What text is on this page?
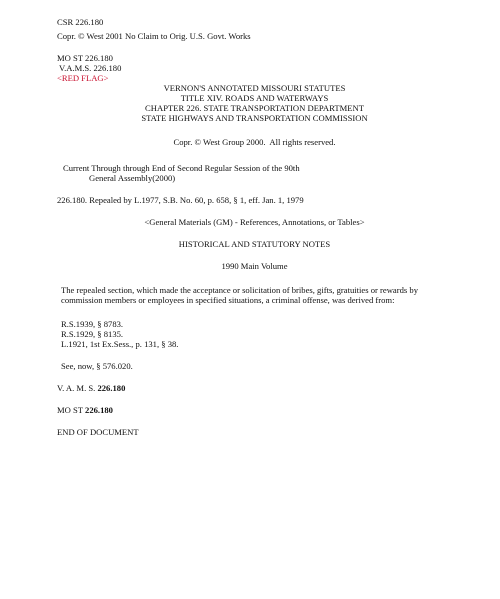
CSR 226.180
Copr. © West 2001 No Claim to Orig. U.S. Govt. Works
MO ST 226.180
V.A.M.S. 226.180
<RED FLAG>
VERNON'S ANNOTATED MISSOURI STATUTES
TITLE XIV. ROADS AND WATERWAYS
CHAPTER 226. STATE TRANSPORTATION DEPARTMENT
STATE HIGHWAYS AND TRANSPORTATION COMMISSION
Copr. © West Group 2000.  All rights reserved.
Current Through through End of Second Regular Session of the 90th
General Assembly(2000)
226.180. Repealed by L.1977, S.B. No. 60, p. 658, § 1, eff. Jan. 1, 1979
<General Materials (GM) - References, Annotations, or Tables>
HISTORICAL AND STATUTORY NOTES
1990 Main Volume
The repealed section, which made the acceptance or solicitation of bribes, gifts, gratuities or rewards by commission members or employees in specified situations, a criminal offense, was derived from:
R.S.1939, § 8783.
R.S.1929, § 8135.
L.1921, 1st Ex.Sess., p. 131, § 38.
See, now, § 576.020.
V. A. M. S. 226.180
MO ST 226.180
END OF DOCUMENT
